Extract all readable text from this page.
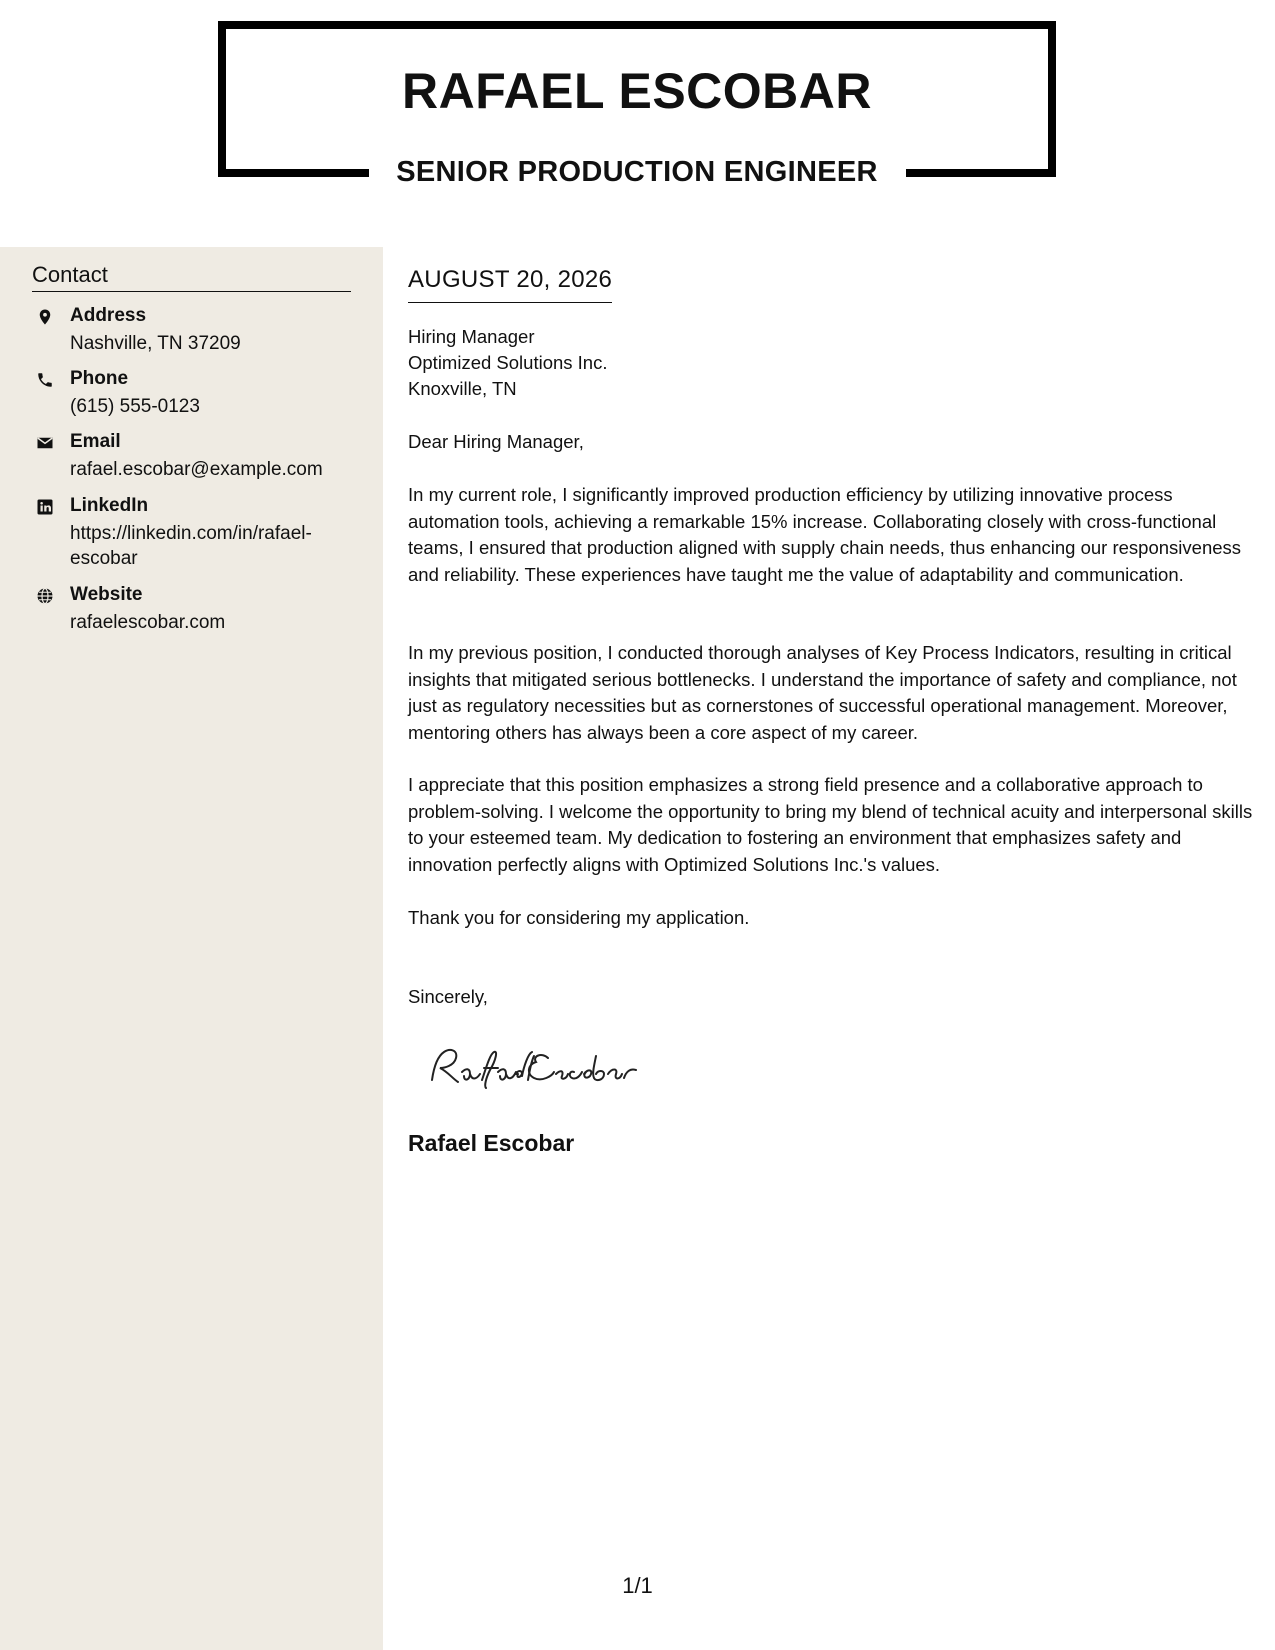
RAFAEL ESCOBAR
SENIOR PRODUCTION ENGINEER
Contact
Address
Nashville, TN 37209
Phone
(615) 555-0123
Email
rafael.escobar@example.com
LinkedIn
https://linkedin.com/in/rafael-escobar
Website
rafaelescobar.com
AUGUST 20, 2026
Hiring Manager
Optimized Solutions Inc.
Knoxville, TN

Dear Hiring Manager,

In my current role, I significantly improved production efficiency by utilizing innovative process automation tools, achieving a remarkable 15% increase. Collaborating closely with cross-functional teams, I ensured that production aligned with supply chain needs, thus enhancing our responsiveness and reliability. These experiences have taught me the value of adaptability and communication.

In my previous position, I conducted thorough analyses of Key Process Indicators, resulting in critical insights that mitigated serious bottlenecks. I understand the importance of safety and compliance, not just as regulatory necessities but as cornerstones of successful operational management. Moreover, mentoring others has always been a core aspect of my career.

I appreciate that this position emphasizes a strong field presence and a collaborative approach to problem-solving. I welcome the opportunity to bring my blend of technical acuity and interpersonal skills to your esteemed team. My dedication to fostering an environment that emphasizes safety and innovation perfectly aligns with Optimized Solutions Inc.'s values.

Thank you for considering my application.

Sincerely,

Rafael Escobar
1/1
